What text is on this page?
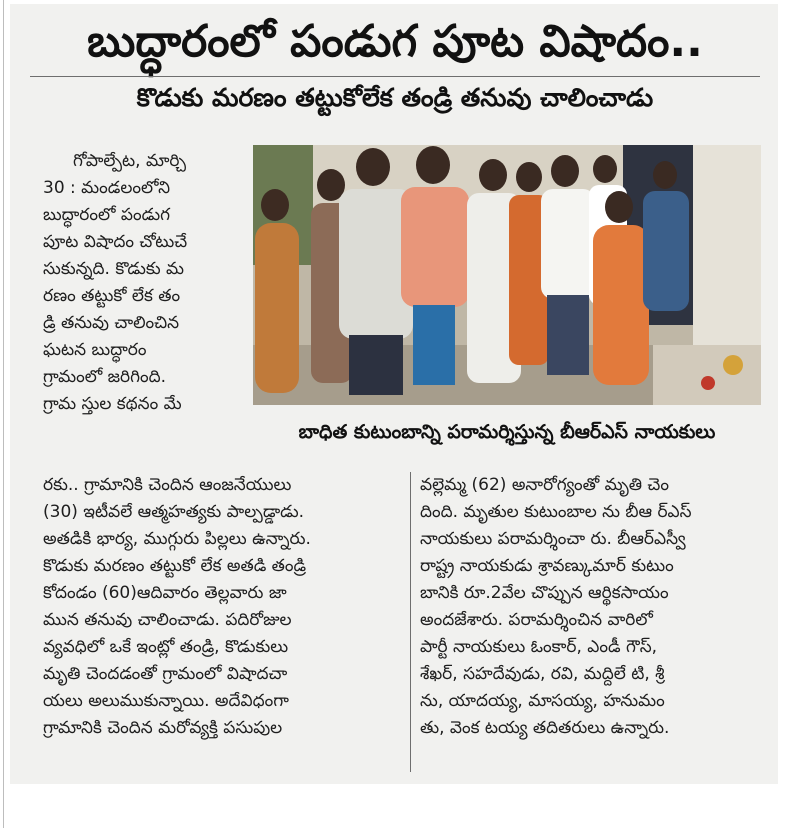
బుద్ధారంలో పండుగ పూట విషాదం..
కొడుకు మరణం తట్టుకోలేక తండ్రి తనువు చాలించాడు

గోపాల్పేట, మార్చి

30 : మండలంలోని

బుద్ధారంలో పండుగ

పూట విషాదం చోటుచే

సుకున్నది. కొడుకు మ

రణం తట్టుకో లేక తం

డ్రి తనువు చాలించిన

ఘటన బుద్ధారం

గ్రామంలో జరిగింది.

గ్రామ స్తుల కథనం మే

బాధిత కుటుంబాన్ని పరామర్శిస్తున్న బీఆర్ఎస్ నాయకులు

రకు.. గ్రామానికి చెందిన ఆంజనేయులు

(30) ఇటీవలే ఆత్మహత్యకు పాల్పడ్డాడు.

అతడికి భార్య, ముగ్గురు పిల్లలు ఉన్నారు.

కొడుకు మరణం తట్టుకో లేక అతడి తండ్రి

కోదండం (60)ఆదివారం తెల్లవారు జా

మున తనువు చాలించాడు. పదిరోజుల

వ్యవధిలో ఒకే ఇంట్లో తండ్రి, కొడుకులు

మృతి చెందడంతో గ్రామంలో విషాదచా

యలు అలుముకున్నాయి. అదేవిధంగా

గ్రామానికి చెందిన మరోవ్యక్తి పసుపుల

వల్లెమ్మ (62) అనారోగ్యంతో మృతి చెం

దింది. మృతుల కుటుంబాల ను బీఆ ర్ఎస్

నాయకులు పరామర్శించా రు. బీఆర్ఎస్వీ

రాష్ట్ర నాయకుడు శ్రావణ్కుమార్ కుటుం

బానికి రూ.2వేల చొప్పున ఆర్థికసాయం

అందజేశారు. పరామర్శించిన వారిలో

పార్టీ నాయకులు ఓంకార్, ఎండీ గౌస్,

శేఖర్, సహదేవుడు, రవి, మద్దిలే టి, శ్రీ

ను, యాదయ్య, మాసయ్య, హనుమం

తు, వెంక టయ్య తదితరులు ఉన్నారు.
